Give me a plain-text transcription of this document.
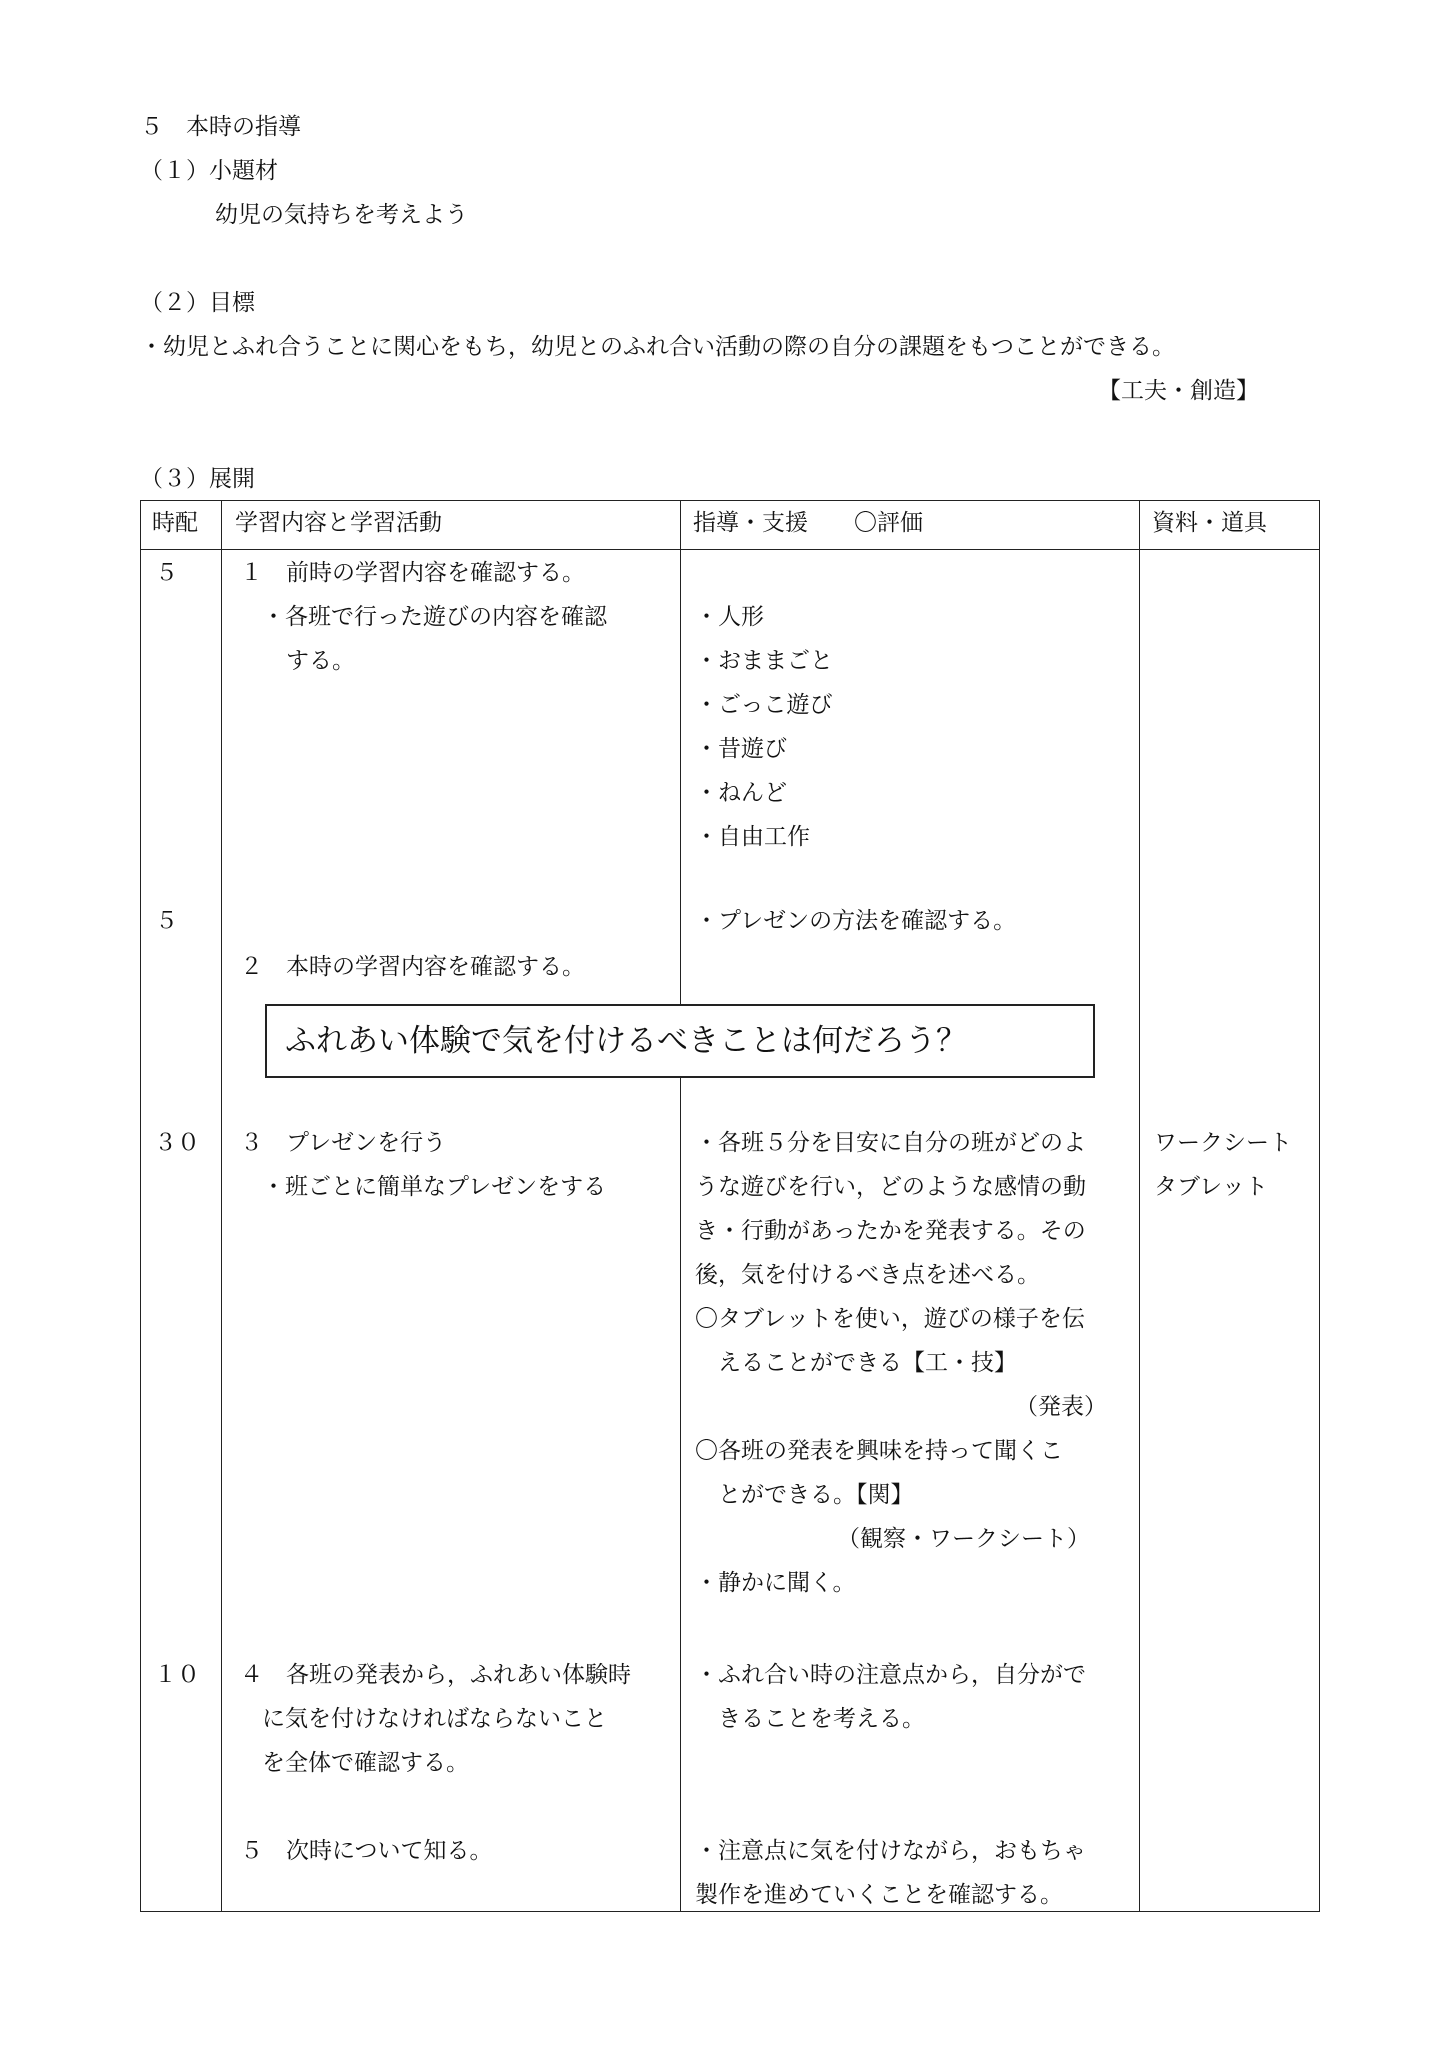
５　本時の指導
（１）小題材
幼児の気持ちを考えよう
（２）目標
・幼児とふれ合うことに関心をもち，幼児とのふれ合い活動の際の自分の課題をもつことができる。
【工夫・創造】
（３）展開
時配 学習内容と学習活動	指導・支援　　〇評価	資料・道具
５
５
３０
１０
１　前時の学習内容を確認する。
・各班で行った遊びの内容を確認
する。
２　本時の学習内容を確認する。
３　プレゼンを行う
・班ごとに簡単なプレゼンをする
４　各班の発表から，ふれあい体験時
に気を付けなければならないこと
を全体で確認する。
５　次時について知る。
・人形
・おままごと
・ごっこ遊び
・昔遊び
・ねんど
・自由工作
・プレゼンの方法を確認する。
・各班５分を目安に自分の班がどのよ
うな遊びを行い，どのような感情の動
き・行動があったかを発表する。その
後，気を付けるべき点を述べる。
〇タブレットを使い，遊びの様子を伝
えることができる【工・技】
（発表）
〇各班の発表を興味を持って聞くこ
とができる。【関】
（観察・ワークシート）
・静かに聞く。
・ふれ合い時の注意点から，自分がで
きることを考える。
・注意点に気を付けながら，おもちゃ
製作を進めていくことを確認する。
ワークシート
タブレット
ふれあい体験で気を付けるべきことは何だろう？
